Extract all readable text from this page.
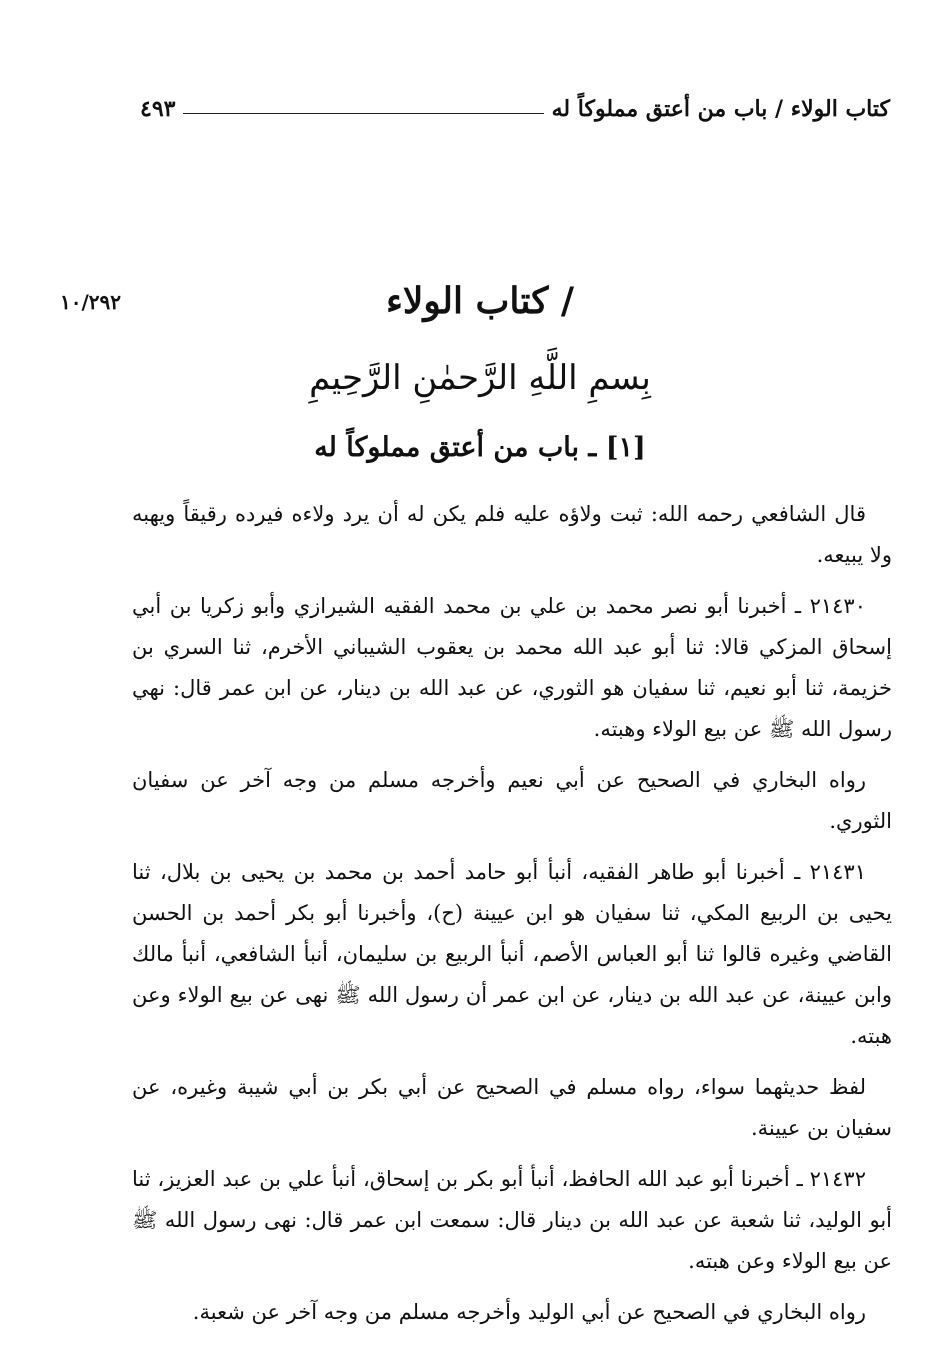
كتاب الولاء / باب من أعتق مملوكاً له
٤٩٣
١٠/٢٩٢	/ كتاب الولاء
بِسمِ اللَّهِ الرَّحمٰنِ الرَّحِيمِ
[١] ـ باب من أعتق مملوكاً له

قال الشافعي رحمه الله: ثبت ولاؤه عليه فلم يكن له أن يرد ولاءه فيرده رقيقاً ويهبه ولا يبيعه.

٢١٤٣٠ ـ أخبرنا أبو نصر محمد بن علي بن محمد الفقيه الشيرازي وأبو زكريا بن أبي إسحاق المزكي قالا: ثنا أبو عبد الله محمد بن يعقوب الشيباني الأخرم، ثنا السري بن خزيمة، ثنا أبو نعيم، ثنا سفيان هو الثوري، عن عبد الله بن دينار، عن ابن عمر قال: نهي رسول الله ﷺ عن بيع الولاء وهبته.

رواه البخاري في الصحيح عن أبي نعيم وأخرجه مسلم من وجه آخر عن سفيان الثوري.

٢١٤٣١ ـ أخبرنا أبو طاهر الفقيه، أنبأ أبو حامد أحمد بن محمد بن يحيى بن بلال، ثنا يحيى بن الربيع المكي، ثنا سفيان هو ابن عيينة (ح)، وأخبرنا أبو بكر أحمد بن الحسن القاضي وغيره قالوا ثنا أبو العباس الأصم، أنبأ الربيع بن سليمان، أنبأ الشافعي، أنبأ مالك وابن عيينة، عن عبد الله بن دينار، عن ابن عمر أن رسول الله ﷺ نهى عن بيع الولاء وعن هبته.

لفظ حديثهما سواء، رواه مسلم في الصحيح عن أبي بكر بن أبي شيبة وغيره، عن سفيان بن عيينة.

٢١٤٣٢ ـ أخبرنا أبو عبد الله الحافظ، أنبأ أبو بكر بن إسحاق، أنبأ علي بن عبد العزيز، ثنا أبو الوليد، ثنا شعبة عن عبد الله بن دينار قال: سمعت ابن عمر قال: نهى رسول الله ﷺ عن بيع الولاء وعن هبته.

رواه البخاري في الصحيح عن أبي الوليد وأخرجه مسلم من وجه آخر عن شعبة.
